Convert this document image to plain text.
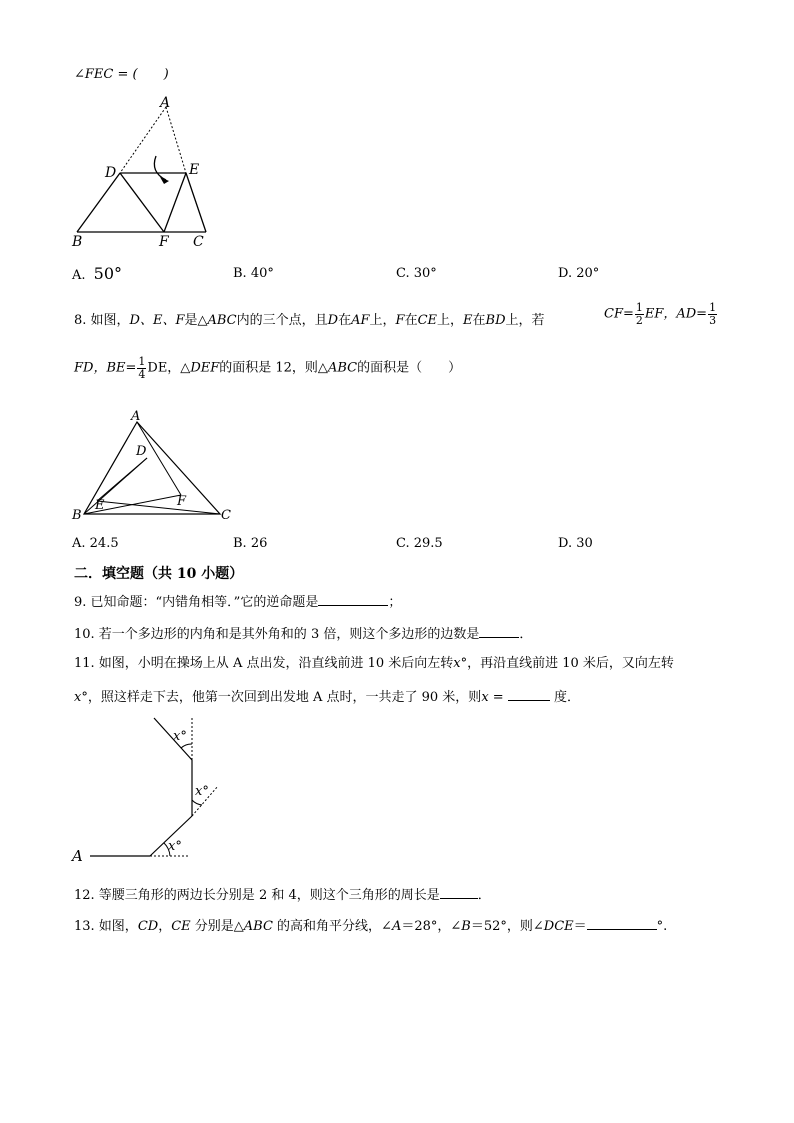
∠FEC = (　　)
A
D	E
B	F C
A. 50°	B. 40°	C. 30°	D. 20°
8. 如图，D、E、F是△ABC内的三个点，且D在AF上，F在CE上，E在BD上，若	$CF= \frac{1}{2}$ EF，$AD= \frac{1}{3}$
FD，$BE= \frac{1}{4}$ DE，△DEF的面积是 12，则△ABC的面积是（　　）
A
D
E	F
B	C
A. 24.5	B. 26	C. 29.5	D. 30
二．填空题（共 10 小题）
9. 已知命题：“内错角相等．”它的逆命题是	；
10. 若一个多边形的内角和是其外角和的 3 倍，则这个多边形的边数是	．
11. 如图，小明在操场上从 A 点出发，沿直线前进 10 米后向左转x°，再沿直线前进 10 米后，又向左转
x°，照这样走下去，他第一次回到出发地 A 点时，一共走了 90 米，则x =	度．
A
x°
x°
x°
12. 等腰三角形的两边长分别是 2 和 4，则这个三角形的周长是	．
13. 如图，CD，CE 分别是△ABC 的高和角平分线，∠A＝28°，∠B＝52°，则∠DCE＝	°.
